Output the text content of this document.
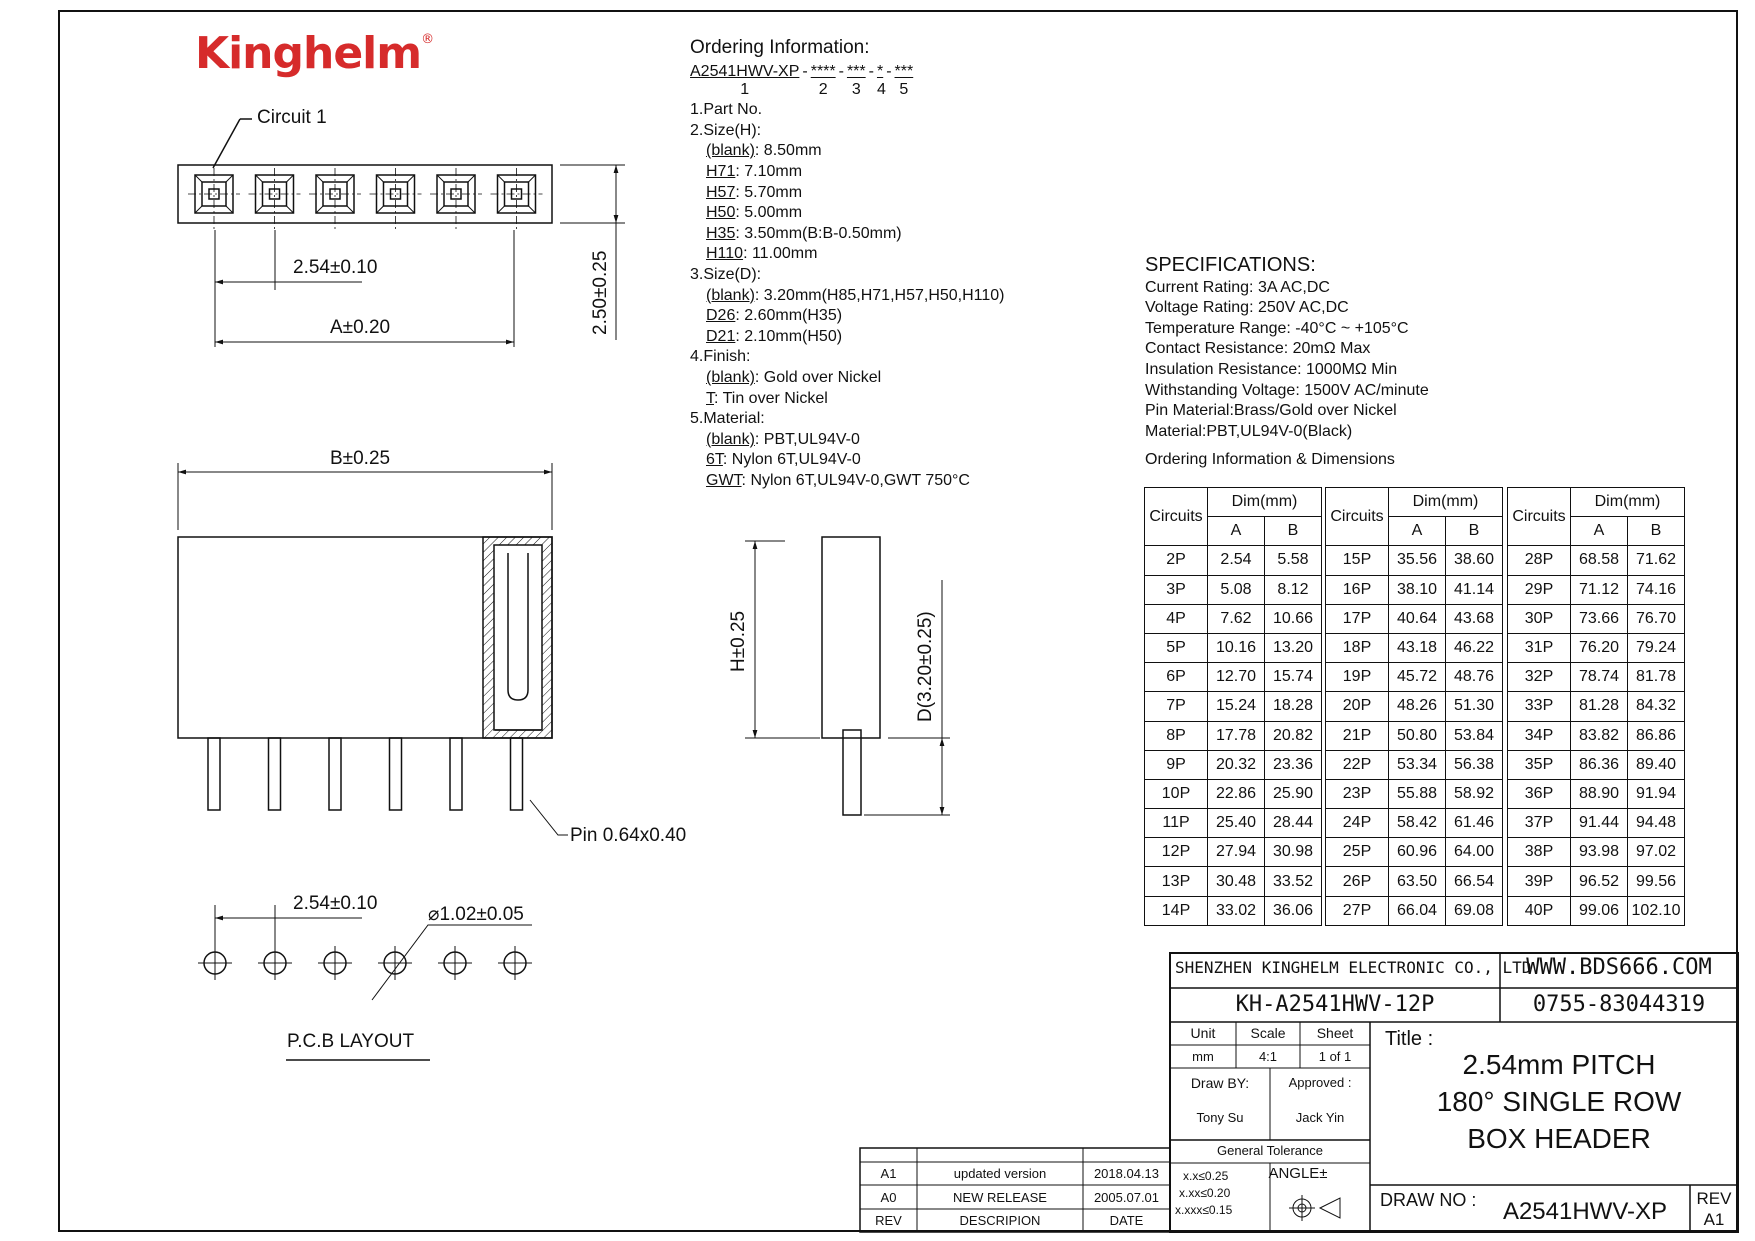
Kinghelm®
Circuit 1
2.54±0.10
A±0.20	2.50±0.25
B±0.25
Pin 0.64x0.40
H±0.25	D(3.20±0.25)
2.54±0.10
⌀1.02±0.05
P.C.B LAYOUT
Ordering Information:
A2541HWV-XP
1
- ****
2
- ***
3
- *
4
- ***
5
1.Part No.
2.Size(H):
(blank): 8.50mm
H71: 7.10mm
H57: 5.70mm
H50: 5.00mm
H35: 3.50mm(B:B-0.50mm)
H110: 11.00mm
3.Size(D):
(blank): 3.20mm(H85,H71,H57,H50,H110)
D26: 2.60mm(H35)
D21: 2.10mm(H50)
4.Finish:
(blank): Gold over Nickel
T: Tin over Nickel
5.Material:
(blank): PBT,UL94V-0
6T: Nylon 6T,UL94V-0
GWT: Nylon 6T,UL94V-0,GWT 750°C
SPECIFICATIONS:
Current Rating: 3A AC,DC
Voltage Rating: 250V AC,DC
Temperature Range: -40°C ~ +105°C
Contact Resistance: 20mΩ Max
Insulation Resistance: 1000MΩ Min
Withstanding Voltage: 1500V AC/minute
Pin Material:Brass/Gold over Nickel
Material:PBT,UL94V-0(Black)
Ordering Information & Dimensions
Circuits	Dim(mm)	
	A	B
2P	2.54	5.58
3P	5.08	8.12
4P	7.62	10.66
5P	10.16	13.20
6P	12.70	15.74
7P	15.24	18.28
8P	17.78	20.82
9P	20.32	23.36
10P	22.86	25.90
11P	25.40	28.44
12P	27.94	30.98
13P	30.48	33.52
14P	33.02	36.06
Circuits	Dim(mm)	
	A	B
15P	35.56	38.60
16P	38.10	41.14
17P	40.64	43.68
18P	43.18	46.22
19P	45.72	48.76
20P	48.26	51.30
21P	50.80	53.84
22P	53.34	56.38
23P	55.88	58.92
24P	58.42	61.46
25P	60.96	64.00
26P	63.50	66.54
27P	66.04	69.08
Circuits	Dim(mm)	
	A	B
28P	68.58	71.62
29P	71.12	74.16
30P	73.66	76.70
31P	76.20	79.24
32P	78.74	81.78
33P	81.28	84.32
34P	83.82	86.86
35P	86.36	89.40
36P	88.90	91.94
37P	91.44	94.48
38P	93.98	97.02
39P	96.52	99.56
40P	99.06	102.10
SHENZHEN KINGHELM ELECTRONIC CO., LTD.
WWW.BDS666.COM
KH-A2541HWV-12P	0755-83044319
Unit	Scale	Sheet
mm	4:1	1 of 1
Draw BY:	Approved :
Tony Su	Jack Yin
General Tolerance
x.x≤0.25
x.xx≤0.20
x.xxx≤0.15
ANGLE±
Title :
2.54mm PITCH
180° SINGLE ROW
BOX HEADER
DRAW NO :	A2541HWV-XP	REV
A1
A1	updated version	2018.04.13
A0	NEW RELEASE	2005.07.01
REV	DESCRIPION	DATE
